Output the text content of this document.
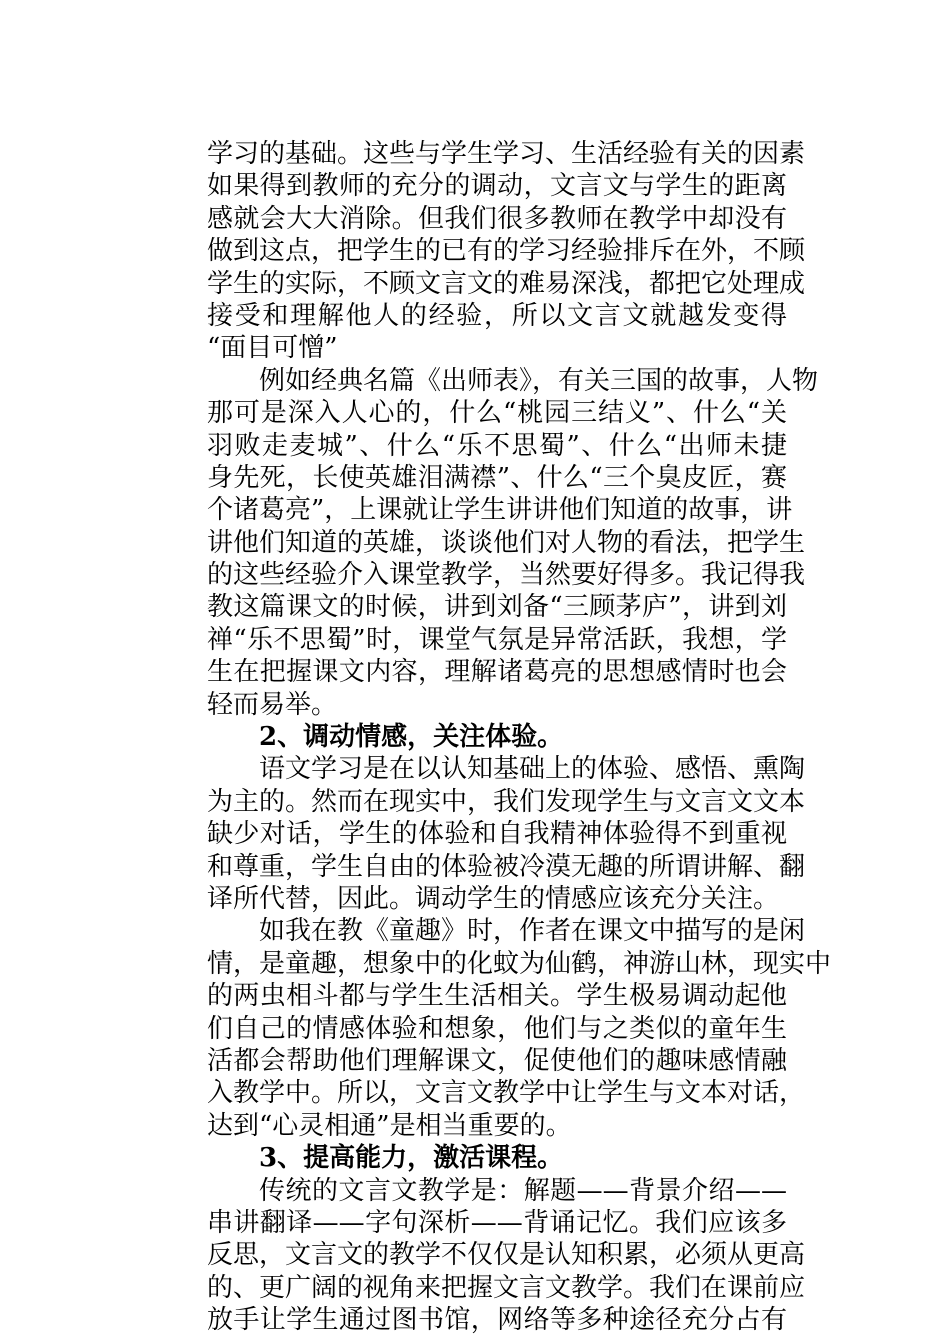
学习的基础。这些与学生学习、生活经验有关的因素
如果得到教师的充分的调动，文言文与学生的距离
感就会大大消除。但我们很多教师在教学中却没有
做到这点，把学生的已有的学习经验排斥在外，不顾
学生的实际，不顾文言文的难易深浅，都把它处理成
接受和理解他人的经验，所以文言文就越发变得
“面目可憎”
例如经典名篇《出师表》，有关三国的故事，人物
那可是深入人心的，什么“桃园三结义”、什么“关
羽败走麦城”、什么“乐不思蜀”、什么“出师未捷
身先死，长使英雄泪满襟”、什么“三个臭皮匠，赛
个诸葛亮”，上课就让学生讲讲他们知道的故事，讲
讲他们知道的英雄，谈谈他们对人物的看法，把学生
的这些经验介入课堂教学，当然要好得多。我记得我
教这篇课文的时候，讲到刘备“三顾茅庐”，讲到刘
禅“乐不思蜀”时，课堂气氛是异常活跃，我想，学
生在把握课文内容，理解诸葛亮的思想感情时也会
轻而易举。
2、调动情感，关注体验。
语文学习是在以认知基础上的体验、感悟、熏陶
为主的。然而在现实中，我们发现学生与文言文文本
缺少对话，学生的体验和自我精神体验得不到重视
和尊重，学生自由的体验被冷漠无趣的所谓讲解、翻
译所代替，因此。调动学生的情感应该充分关注。
如我在教《童趣》时，作者在课文中描写的是闲
情，是童趣，想象中的化蚊为仙鹤，神游山林，现实中
的两虫相斗都与学生生活相关。学生极易调动起他
们自己的情感体验和想象，他们与之类似的童年生
活都会帮助他们理解课文，促使他们的趣味感情融
入教学中。所以，文言文教学中让学生与文本对话，
达到“心灵相通”是相当重要的。
3、提高能力，激活课程。
传统的文言文教学是：解题——背景介绍——
串讲翻译——字句深析——背诵记忆。我们应该多
反思，文言文的教学不仅仅是认知积累，必须从更高
的、更广阔的视角来把握文言文教学。我们在课前应
放手让学生通过图书馆，网络等多种途径充分占有
